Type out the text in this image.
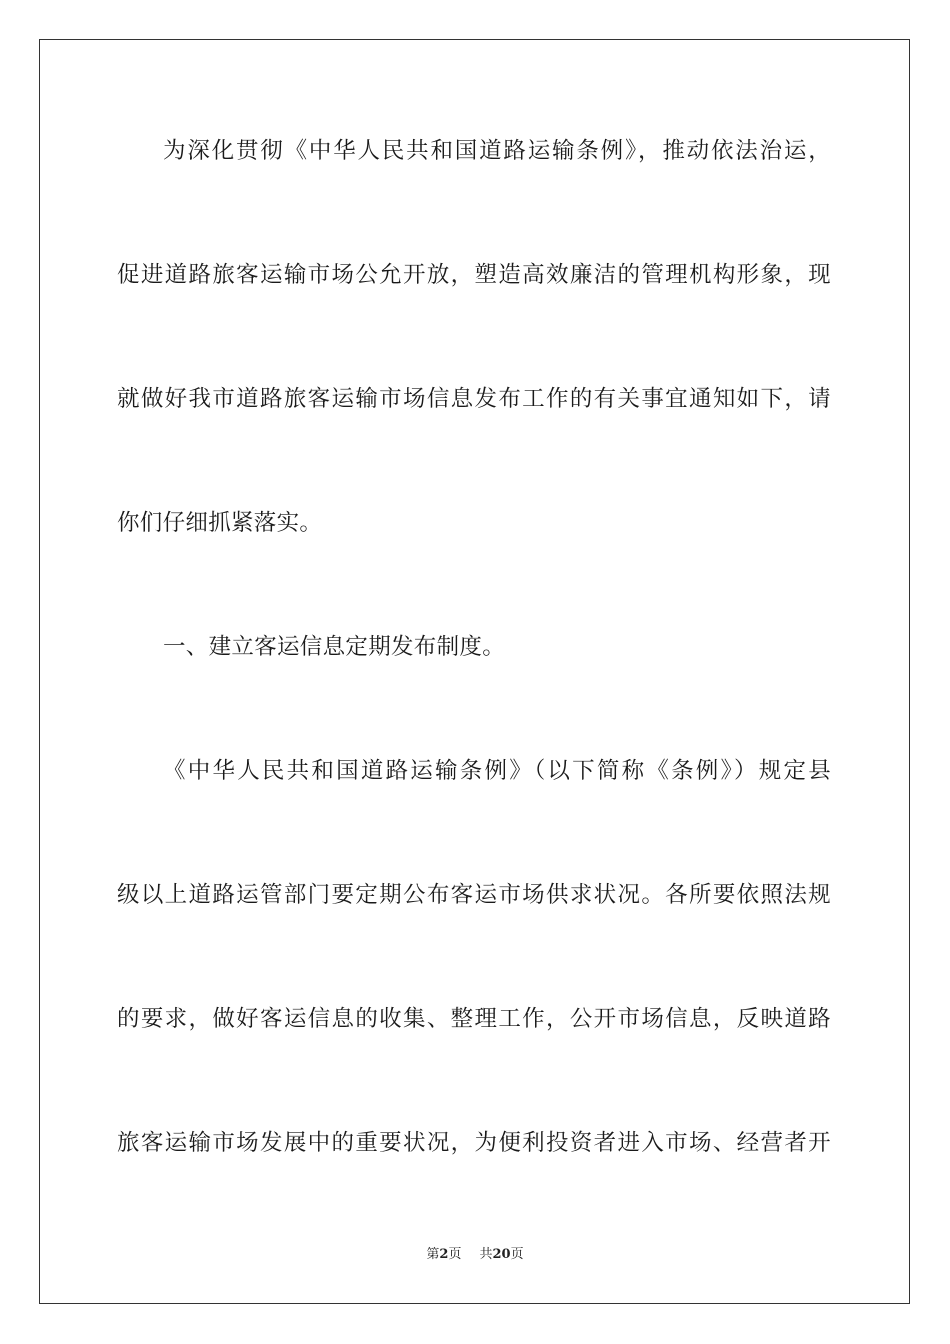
为深化贯彻《中华人民共和国道路运输条例》，推动依法治运，
促进道路旅客运输市场公允开放，塑造高效廉洁的管理机构形象，现
就做好我市道路旅客运输市场信息发布工作的有关事宜通知如下，请
你们仔细抓紧落实。
一、建立客运信息定期发布制度。
《中华人民共和国道路运输条例》（以下简称《条例》）规定县
级以上道路运管部门要定期公布客运市场供求状况。各所要依照法规
的要求，做好客运信息的收集、整理工作，公开市场信息，反映道路
旅客运输市场发展中的重要状况，为便利投资者进入市场、经营者开
第2页 共20页
